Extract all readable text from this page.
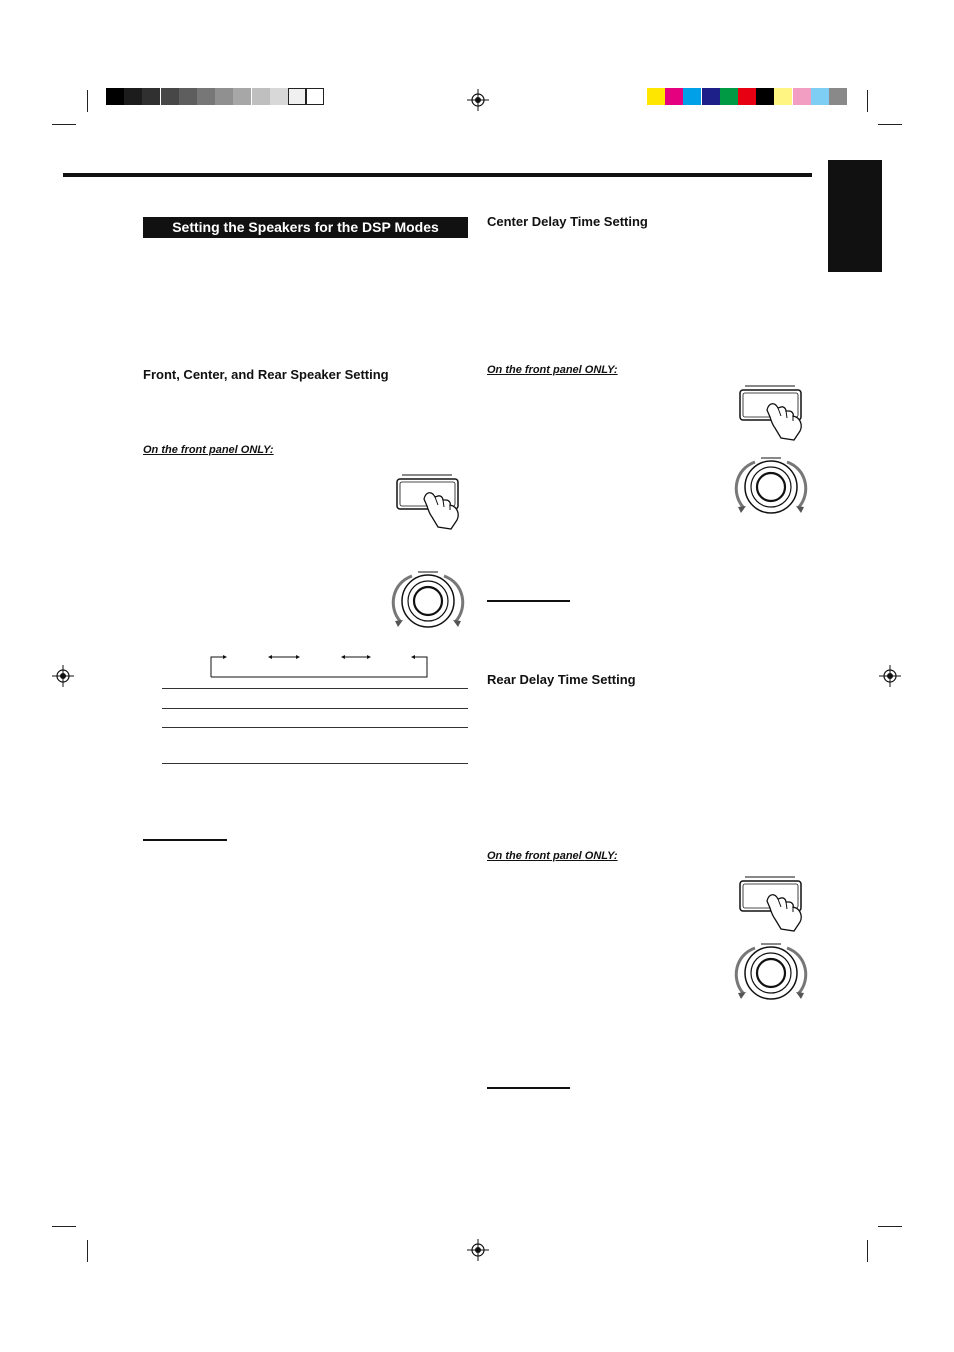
Setting the Speakers for the DSP Modes
Front, Center, and Rear Speaker Setting
On the front panel ONLY:
Center Delay Time Setting
On the front panel ONLY:
Rear Delay Time Setting
On the front panel ONLY:
